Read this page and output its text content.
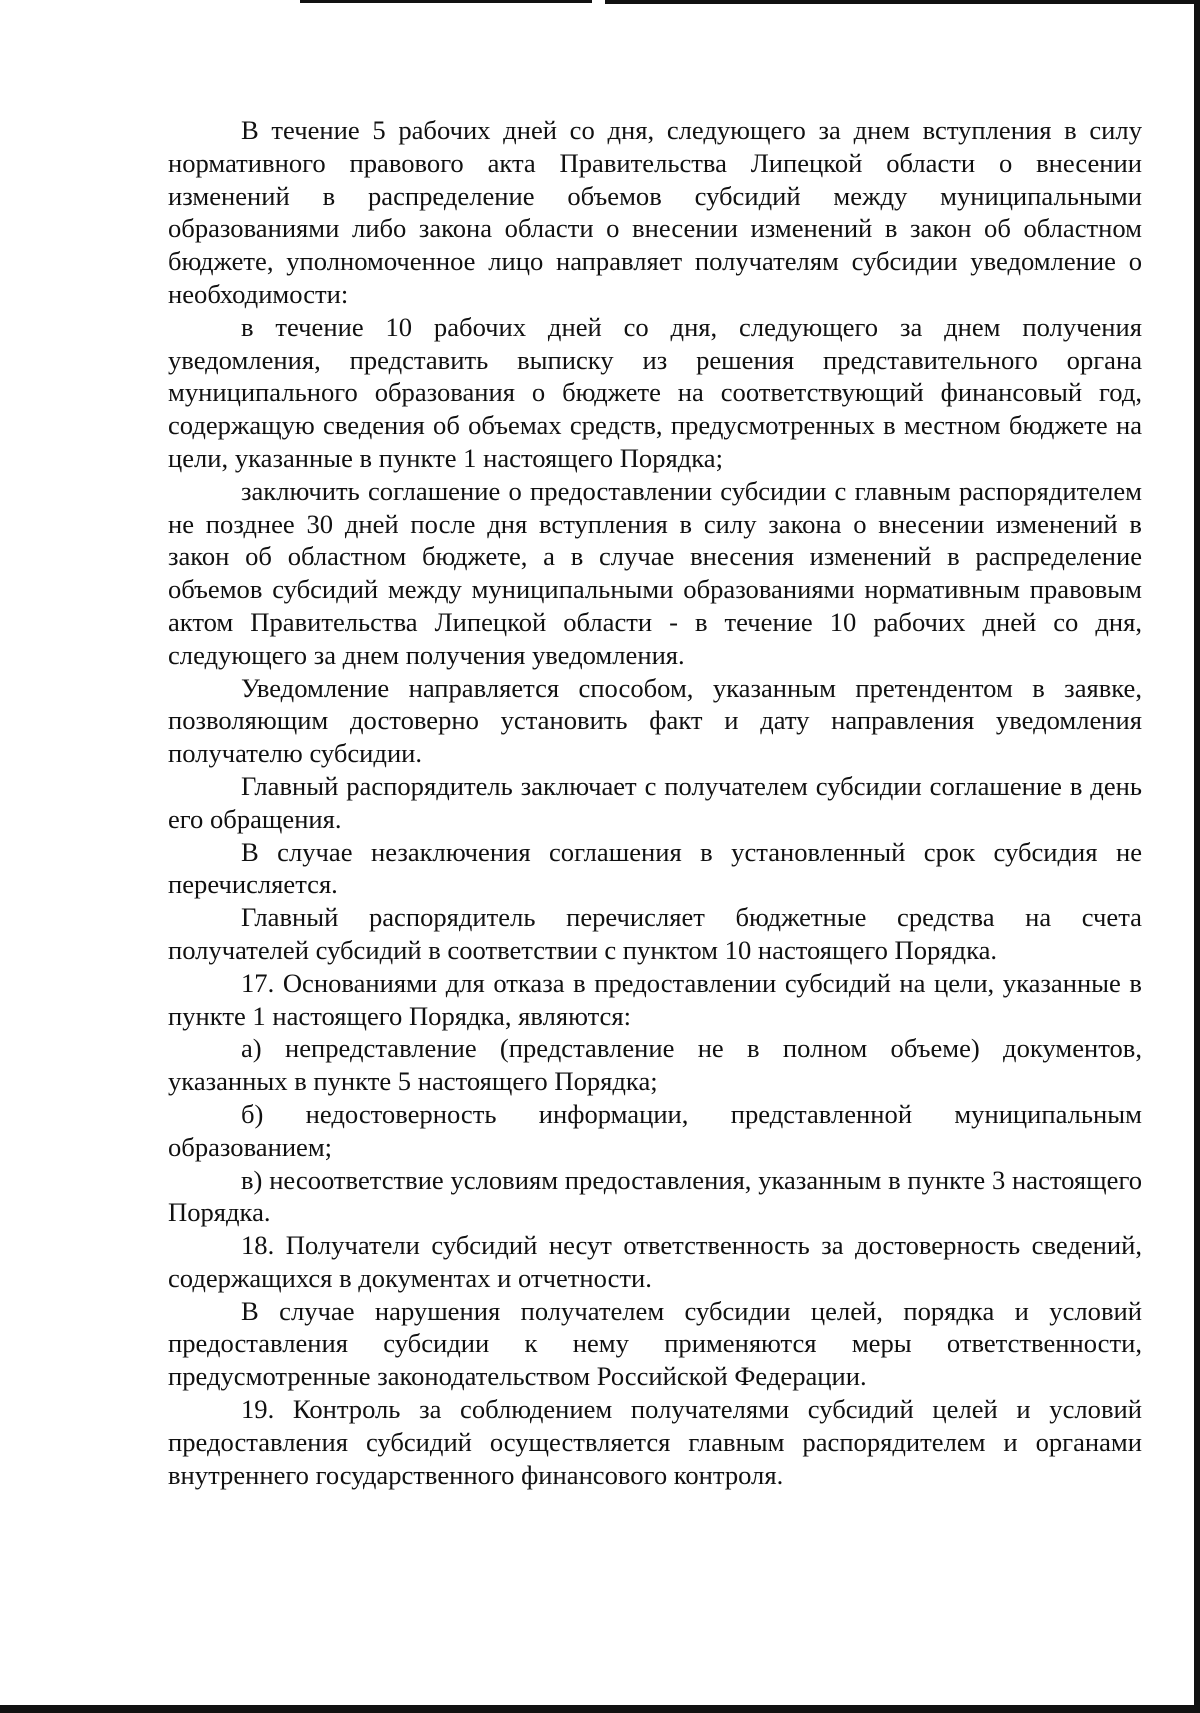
В течение 5 рабочих дней со дня, следующего за днем вступления в силу нормативного правового акта Правительства Липецкой области о внесении изменений в распределение объемов субсидий между муниципальными образованиями либо закона области о внесении изменений в закон об областном бюджете, уполномоченное лицо направляет получателям субсидии уведомление о необходимости:

в течение 10 рабочих дней со дня, следующего за днем получения уведомления, представить выписку из решения представительного органа муниципального образования о бюджете на соответствующий финансовый год, содержащую сведения об объемах средств, предусмотренных в местном бюджете на цели, указанные в пункте 1 настоящего Порядка;

заключить соглашение о предоставлении субсидии с главным распорядителем не позднее 30 дней после дня вступления в силу закона о внесении изменений в закон об областном бюджете, а в случае внесения изменений в распределение объемов субсидий между муниципальными образованиями нормативным правовым актом Правительства Липецкой области - в течение 10 рабочих дней со дня, следующего за днем получения уведомления.

Уведомление направляется способом, указанным претендентом в заявке, позволяющим достоверно установить факт и дату направления уведомления получателю субсидии.

Главный распорядитель заключает с получателем субсидии соглашение в день его обращения.

В случае незаключения соглашения в установленный срок субсидия не перечисляется.

Главный распорядитель перечисляет бюджетные средства на счета получателей субсидий в соответствии с пунктом 10 настоящего Порядка.

17. Основаниями для отказа в предоставлении субсидий на цели, указанные в пункте 1 настоящего Порядка, являются:

а) непредставление (представление не в полном объеме) документов, указанных в пункте 5 настоящего Порядка;

б) недостоверность информации, представленной муниципальным образованием;

в) несоответствие условиям предоставления, указанным в пункте 3 настоящего Порядка.

18. Получатели субсидий несут ответственность за достоверность сведений, содержащихся в документах и отчетности.

В случае нарушения получателем субсидии целей, порядка и условий предоставления субсидии к нему применяются меры ответственности, предусмотренные законодательством Российской Федерации.

19. Контроль за соблюдением получателями субсидий целей и условий предоставления субсидий осуществляется главным распорядителем и органами внутреннего государственного финансового контроля.
